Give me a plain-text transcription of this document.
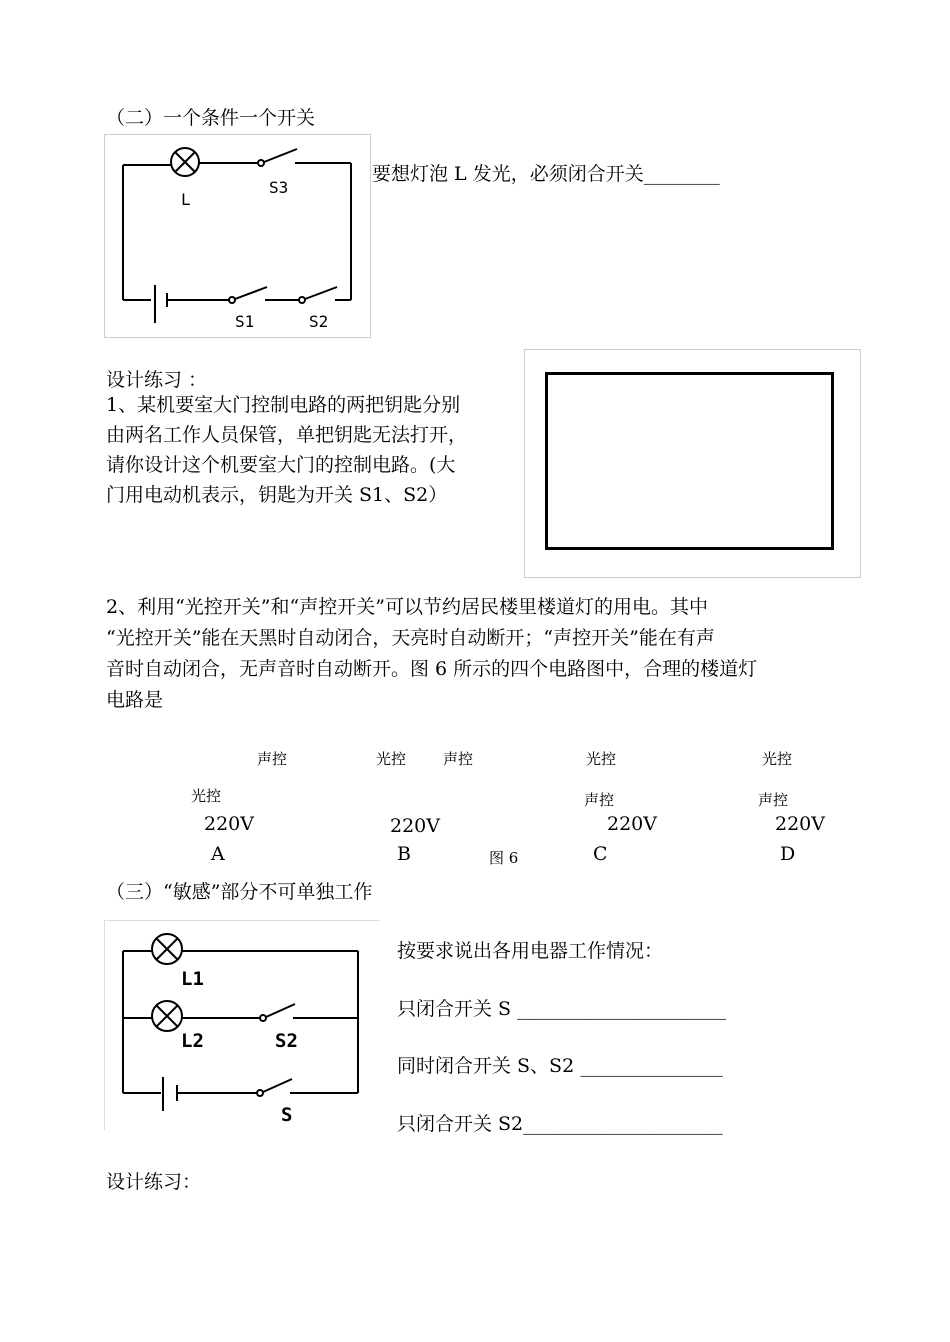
（二）一个条件一个开关
L
S3
S1	S2
要想灯泡 L 发光，必须闭合开关________
设计练习 ：
1、某机要室大门控制电路的两把钥匙分别
由两名工作人员保管，单把钥匙无法打开，
请你设计这个机要室大门的控制电路。(大
门用电动机表示，钥匙为开关 S1、S2）
2、利用“光控开关”和“声控开关”可以节约居民楼里楼道灯的用电。其中
“光控开关”能在天黑时自动闭合，天亮时自动断开；“声控开关”能在有声
音时自动闭合，无声音时自动断开。图 6 所示的四个电路图中，合理的楼道灯
电路是
声控
光控
220V
A
光控 声控
220V
B	图 6
光控
声控
220V
C
光控
声控
220V
D
（三）“敏感”部分不可单独工作
L1
L2	S2
S
按要求说出各用电器工作情况：
只闭合开关 S ______________________
同时闭合开关 S、S2 _______________
只闭合开关 S2_____________________
设计练习：
